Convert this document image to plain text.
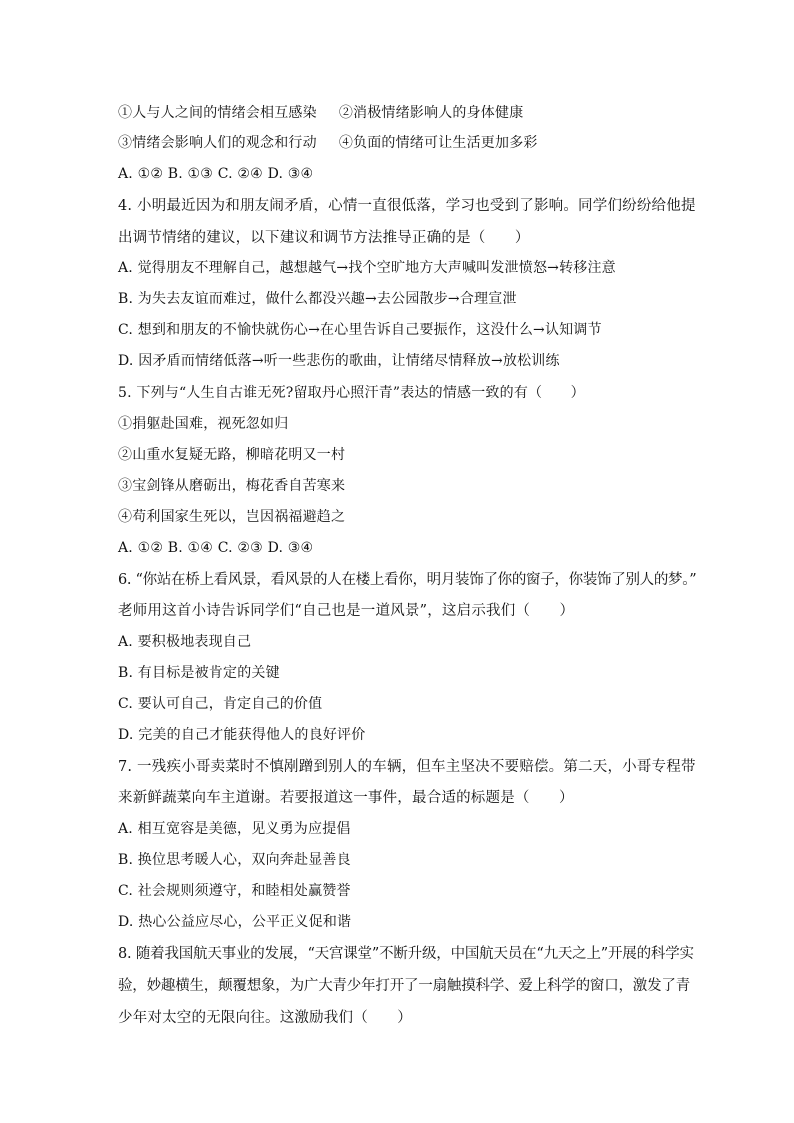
①人与人之间的情绪会相互感染 ②消极情绪影响人的身体健康
③情绪会影响人们的观念和行动 ④负面的情绪可让生活更加多彩
A. ①② B. ①③ C. ②④ D. ③④
4. 小明最近因为和朋友闹矛盾，心情一直很低落，学习也受到了影响。同学们纷纷给他提
出调节情绪的建议，以下建议和调节方法推导正确的是（　　）
A. 觉得朋友不理解自己，越想越气→找个空旷地方大声喊叫发泄愤怒→转移注意
B. 为失去友谊而难过，做什么都没兴趣→去公园散步→合理宣泄
C. 想到和朋友的不愉快就伤心→在心里告诉自己要振作，这没什么→认知调节
D. 因矛盾而情绪低落→听一些悲伤的歌曲，让情绪尽情释放→放松训练
5. 下列与“人生自古谁无死?留取丹心照汗青”表达的情感一致的有（　　）
①捐躯赴国难，视死忽如归
②山重水复疑无路，柳暗花明又一村
③宝剑锋从磨砺出，梅花香自苦寒来
④苟利国家生死以，岂因祸福避趋之
A. ①② B. ①④ C. ②③ D. ③④
6. “你站在桥上看风景，看风景的人在楼上看你，明月装饰了你的窗子，你装饰了别人的梦。”
老师用这首小诗告诉同学们“自己也是一道风景”，这启示我们（　　）
A. 要积极地表现自己
B. 有目标是被肯定的关键
C. 要认可自己，肯定自己的价值
D. 完美的自己才能获得他人的良好评价
7. 一残疾小哥卖菜时不慎剐蹭到别人的车辆，但车主坚决不要赔偿。第二天，小哥专程带
来新鲜蔬菜向车主道谢。若要报道这一事件，最合适的标题是（　　）
A. 相互宽容是美德，见义勇为应提倡
B. 换位思考暖人心，双向奔赴显善良
C. 社会规则须遵守，和睦相处赢赞誉
D. 热心公益应尽心，公平正义促和谐
8. 随着我国航天事业的发展，“天宫课堂”不断升级，中国航天员在“九天之上”开展的科学实
验，妙趣横生，颠覆想象，为广大青少年打开了一扇触摸科学、爱上科学的窗口，激发了青
少年对太空的无限向往。这激励我们（　　）
